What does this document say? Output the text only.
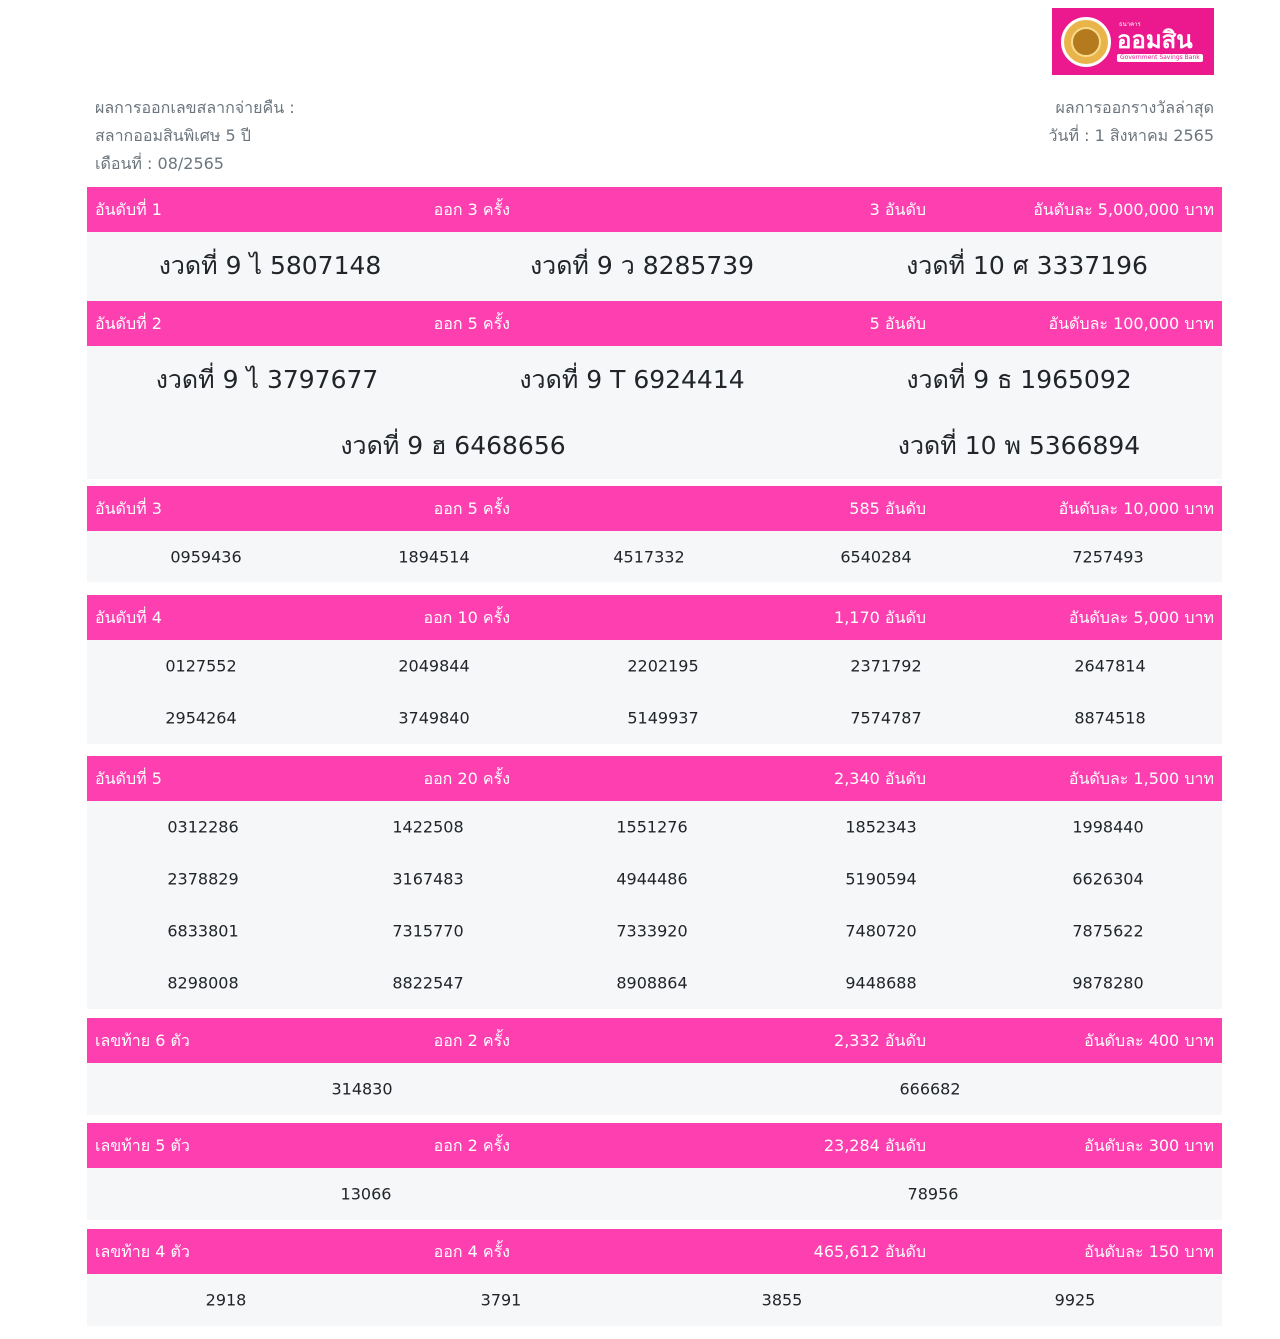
ธนาคาร
ออมสิน
Government Savings Bank
ผลการออกเลขสลากจ่ายคืน :
สลากออมสินพิเศษ 5 ปี
เดือนที่ : 08/2565
ผลการออกรางวัลล่าสุด
วันที่ : 1 สิงหาคม 2565
อันดับที่ 1	ออก 3 ครั้ง	3 อันดับ	อันดับละ 5,000,000 บาท
งวดที่ 9 ไ 5807148	งวดที่ 9 ว 8285739	งวดที่ 10 ศ 3337196
อันดับที่ 2	ออก 5 ครั้ง	5 อันดับ	อันดับละ 100,000 บาท
งวดที่ 9 ไ 3797677	งวดที่ 9 T 6924414	งวดที่ 9 ธ 1965092
งวดที่ 9 ฮ 6468656	งวดที่ 10 พ 5366894
อันดับที่ 3	ออก 5 ครั้ง	585 อันดับ	อันดับละ 10,000 บาท
0959436	1894514	4517332	6540284	7257493
อันดับที่ 4	ออก 10 ครั้ง	1,170 อันดับ	อันดับละ 5,000 บาท
0127552	2049844	2202195	2371792	2647814
2954264	3749840	5149937	7574787	8874518
อันดับที่ 5	ออก 20 ครั้ง	2,340 อันดับ	อันดับละ 1,500 บาท
0312286	1422508	1551276	1852343	1998440
2378829	3167483	4944486	5190594	6626304
6833801	7315770	7333920	7480720	7875622
8298008	8822547	8908864	9448688	9878280
เลขท้าย 6 ตัว	ออก 2 ครั้ง	2,332 อันดับ	อันดับละ 400 บาท
314830	666682
เลขท้าย 5 ตัว	ออก 2 ครั้ง	23,284 อันดับ	อันดับละ 300 บาท
13066	78956
เลขท้าย 4 ตัว	ออก 4 ครั้ง	465,612 อันดับ	อันดับละ 150 บาท
2918	3791	3855	9925
